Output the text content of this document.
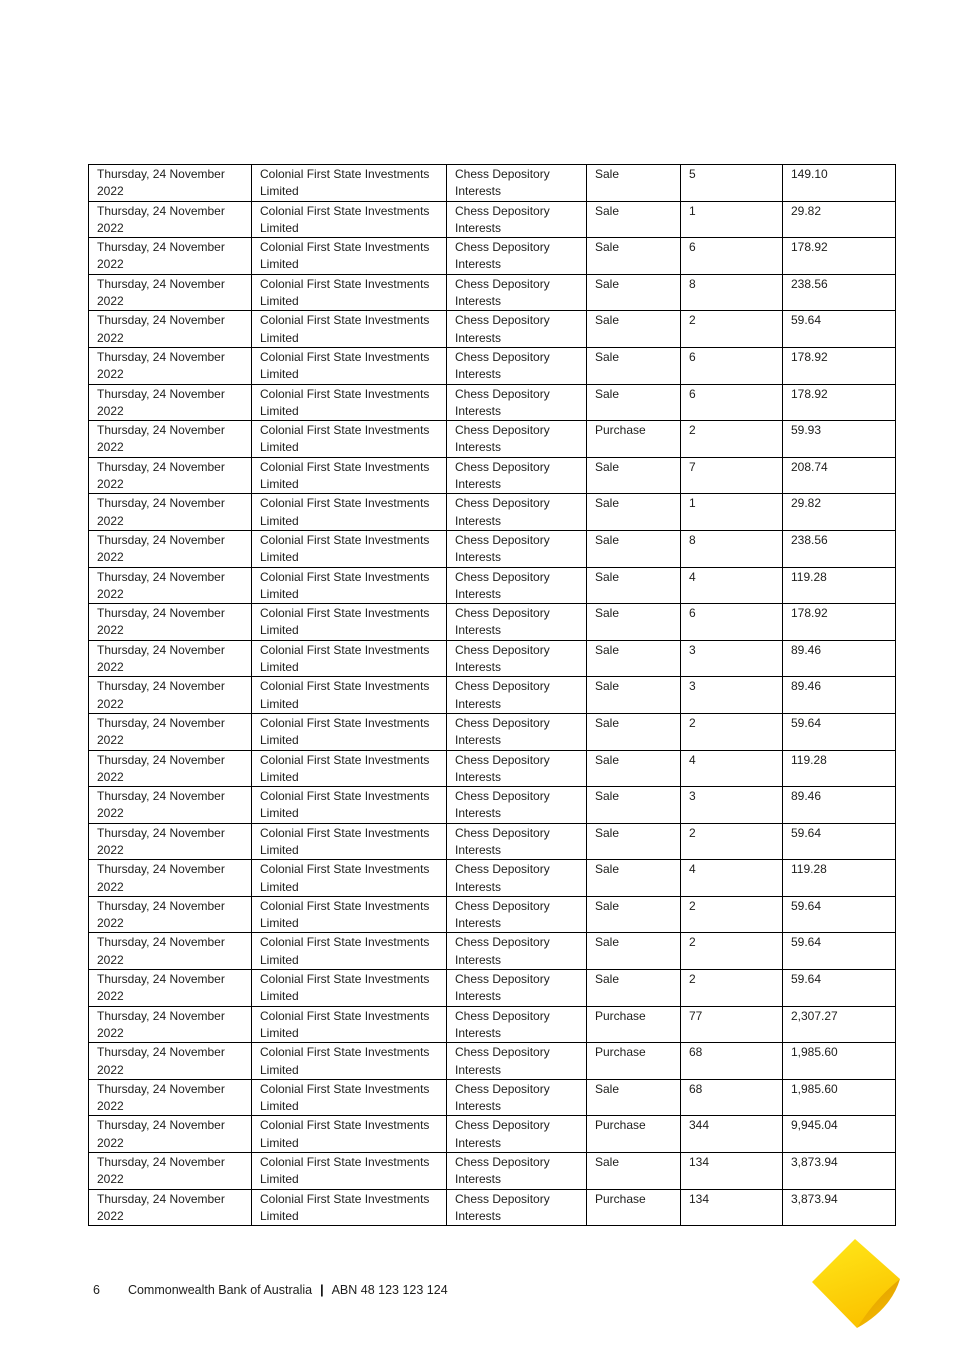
Thursday, 24 November 2022	Colonial First State Investments Limited	Chess Depository Interests	Sale	5	149.10
Thursday, 24 November 2022	Colonial First State Investments Limited	Chess Depository Interests	Sale	1	29.82
Thursday, 24 November 2022	Colonial First State Investments Limited	Chess Depository Interests	Sale	6	178.92
Thursday, 24 November 2022	Colonial First State Investments Limited	Chess Depository Interests	Sale	8	238.56
Thursday, 24 November 2022	Colonial First State Investments Limited	Chess Depository Interests	Sale	2	59.64
Thursday, 24 November 2022	Colonial First State Investments Limited	Chess Depository Interests	Sale	6	178.92
Thursday, 24 November 2022	Colonial First State Investments Limited	Chess Depository Interests	Sale	6	178.92
Thursday, 24 November 2022	Colonial First State Investments Limited	Chess Depository Interests	Purchase	2	59.93
Thursday, 24 November 2022	Colonial First State Investments Limited	Chess Depository Interests	Sale	7	208.74
Thursday, 24 November 2022	Colonial First State Investments Limited	Chess Depository Interests	Sale	1	29.82
Thursday, 24 November 2022	Colonial First State Investments Limited	Chess Depository Interests	Sale	8	238.56
Thursday, 24 November 2022	Colonial First State Investments Limited	Chess Depository Interests	Sale	4	119.28
Thursday, 24 November 2022	Colonial First State Investments Limited	Chess Depository Interests	Sale	6	178.92
Thursday, 24 November 2022	Colonial First State Investments Limited	Chess Depository Interests	Sale	3	89.46
Thursday, 24 November 2022	Colonial First State Investments Limited	Chess Depository Interests	Sale	3	89.46
Thursday, 24 November 2022	Colonial First State Investments Limited	Chess Depository Interests	Sale	2	59.64
Thursday, 24 November 2022	Colonial First State Investments Limited	Chess Depository Interests	Sale	4	119.28
Thursday, 24 November 2022	Colonial First State Investments Limited	Chess Depository Interests	Sale	3	89.46
Thursday, 24 November 2022	Colonial First State Investments Limited	Chess Depository Interests	Sale	2	59.64
Thursday, 24 November 2022	Colonial First State Investments Limited	Chess Depository Interests	Sale	4	119.28
Thursday, 24 November 2022	Colonial First State Investments Limited	Chess Depository Interests	Sale	2	59.64
Thursday, 24 November 2022	Colonial First State Investments Limited	Chess Depository Interests	Sale	2	59.64
Thursday, 24 November 2022	Colonial First State Investments Limited	Chess Depository Interests	Sale	2	59.64
Thursday, 24 November 2022	Colonial First State Investments Limited	Chess Depository Interests	Purchase	77	2,307.27
Thursday, 24 November 2022	Colonial First State Investments Limited	Chess Depository Interests	Purchase	68	1,985.60
Thursday, 24 November 2022	Colonial First State Investments Limited	Chess Depository Interests	Sale	68	1,985.60
Thursday, 24 November 2022	Colonial First State Investments Limited	Chess Depository Interests	Purchase	344	9,945.04
Thursday, 24 November 2022	Colonial First State Investments Limited	Chess Depository Interests	Sale	134	3,873.94
Thursday, 24 November 2022	Colonial First State Investments Limited	Chess Depository Interests	Purchase	134	3,873.94
6 Commonwealth Bank of Australia | ABN 48 123 123 124
